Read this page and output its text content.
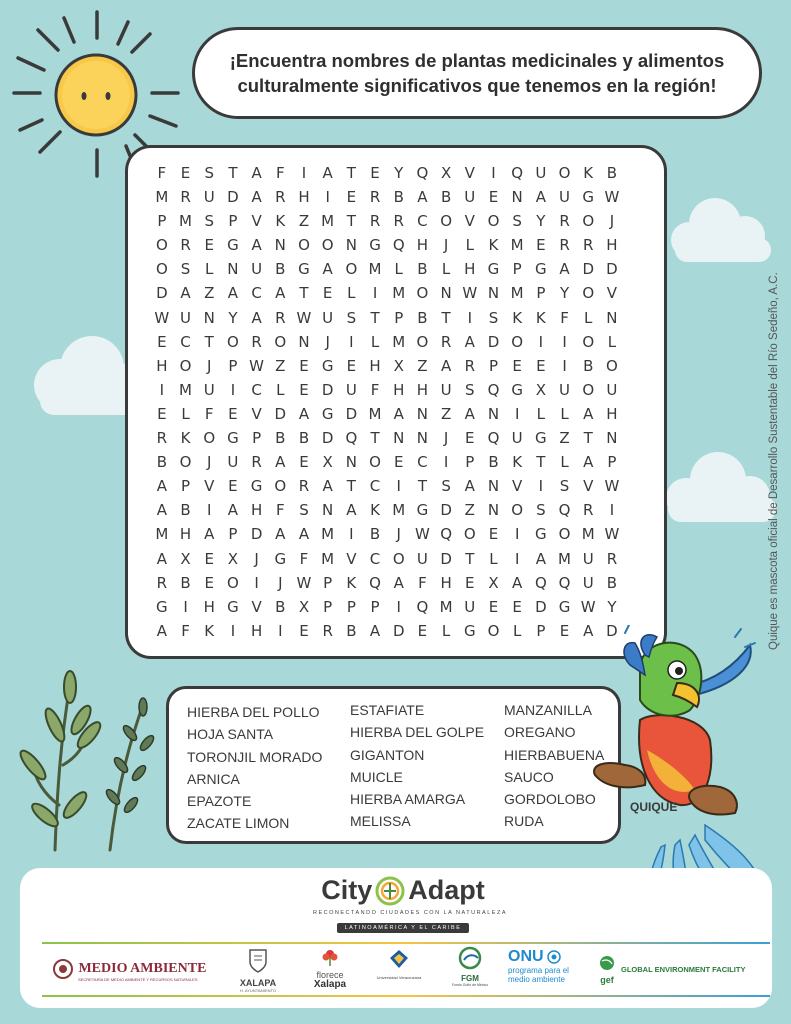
¡Encuentra nombres de plantas medicinales y alimentos culturalmente significativos que tenemos en la región!
F E S T A F	I	A T E Y Q X V	I	Q U O K B
M R U D A R H	I	E R B A B U E N A U G W
P M S P V K Z M T R R C O V O S Y R O	J
O R E G A N O O N G Q H	J	L K M E R R H
O S L N U B G A O M L B L H G P G A D D
D A Z A C A T E L	I M O N W N M P Y O V
W U N Y A R W U S T P B T	I	S K K F	L N
E C T O R O N	J	I	L M O R A D O	I	I	O L
H O	J	P W Z E G E H X Z A R P E E	I	B O
I M U	I	C L E D U F H H U S Q G X U O U
E L	F E V D A G D M A N Z A N	I	L	L A H
R K O G P B B D Q T N N	J	E Q U G Z T N
B O	J	U R A E X N O E C	I	P B K T L A P
A P V E G O R A T C	I	T S A N V	I	S V W
A B	I	A H F S N A K M G D Z N O S Q R	I
M H A P D A A M	I	B	J W Q O E	I	G O M W
A X E X	J	G F M V C O U D T L	I	A M U R
R B E O	I	J W P K Q A F H E X A Q Q U B
G	I	H G V B X P P P	I	Q M U E E D G W Y
A F K	I	H	I	E R B A D E L G O L P E A D	Quique es mascota oficial de Desarrollo Sustentable del Río Sedeño, A.C.
HIERBA DEL POLLO
HOJA SANTA
TORONJIL MORADO
ARNICA
EPAZOTE
ZACATE LIMON
ESTAFIATE
HIERBA DEL GOLPE
GIGANTON
MUICLE
HIERBA AMARGA
MELISSA
MANZANILLA
OREGANO
HIERBABUENA
SAUCO
GORDOLOBO
RUDA
QUIQUE
City Adapt
RECONECTANDO CIUDADES CON LA NATURALEZA
LATINOAMÉRICA Y EL CARIBE
MEDIO AMBIENTE
SECRETARÍA DE MEDIO AMBIENTE Y RECURSOS NATURALES	XALAPA
H. AYUNTAMIENTO
florece
Xalapa
Universidad Veracruzana	FGM
Fondo Golfo de México
ONU
programa para el
medio ambiente	gef
GLOBAL ENVIRONMENT FACILITY
